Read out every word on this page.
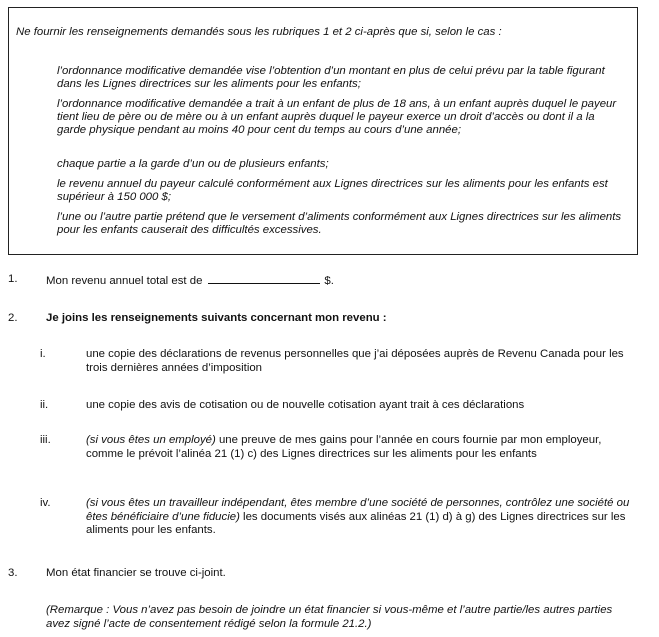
Ne fournir les renseignements demandés sous les rubriques 1 et 2 ci-après que si, selon le cas :
l’ordonnance modificative demandée vise l’obtention d’un montant en plus de celui prévu par la table figurant dans les Lignes directrices sur les aliments pour les enfants;
l’ordonnance modificative demandée a trait à un enfant de plus de 18 ans, à un enfant auprès duquel le payeur tient lieu de père ou de mère ou à un enfant auprès duquel le payeur exerce un droit d’accès ou dont il a la garde physique pendant au moins 40 pour cent du temps au cours d’une année;
chaque partie a la garde d’un ou de plusieurs enfants;
le revenu annuel du payeur calculé conformément aux Lignes directrices sur les aliments pour les enfants est supérieur à 150 000 $;
l’une ou l’autre partie prétend que le versement d’aliments conformément aux Lignes directrices sur les aliments pour les enfants causerait des difficultés excessives.
1.	Mon revenu annuel total est de	$.
2.	Je joins les renseignements suivants concernant mon revenu :
i.	une copie des déclarations de revenus personnelles que j’ai déposées auprès de Revenu Canada pour les trois dernières années d’imposition
ii.	une copie des avis de cotisation ou de nouvelle cotisation ayant trait à ces déclarations
iii.	(si vous êtes un employé) une preuve de mes gains pour l’année en cours fournie par mon employeur, comme le prévoit l’alinéa 21 (1) c) des Lignes directrices sur les aliments pour les enfants
iv.	(si vous êtes un travailleur indépendant, êtes membre d’une société de personnes, contrôlez une société ou êtes bénéficiaire d’une fiducie) les documents visés aux alinéas 21 (1) d) à g) des Lignes directrices sur les aliments pour les enfants.
3.	Mon état financier se trouve ci-joint.
(Remarque : Vous n’avez pas besoin de joindre un état financier si vous-même et l’autre partie/les autres parties avez signé l’acte de consentement rédigé selon la formule 21.2.)
